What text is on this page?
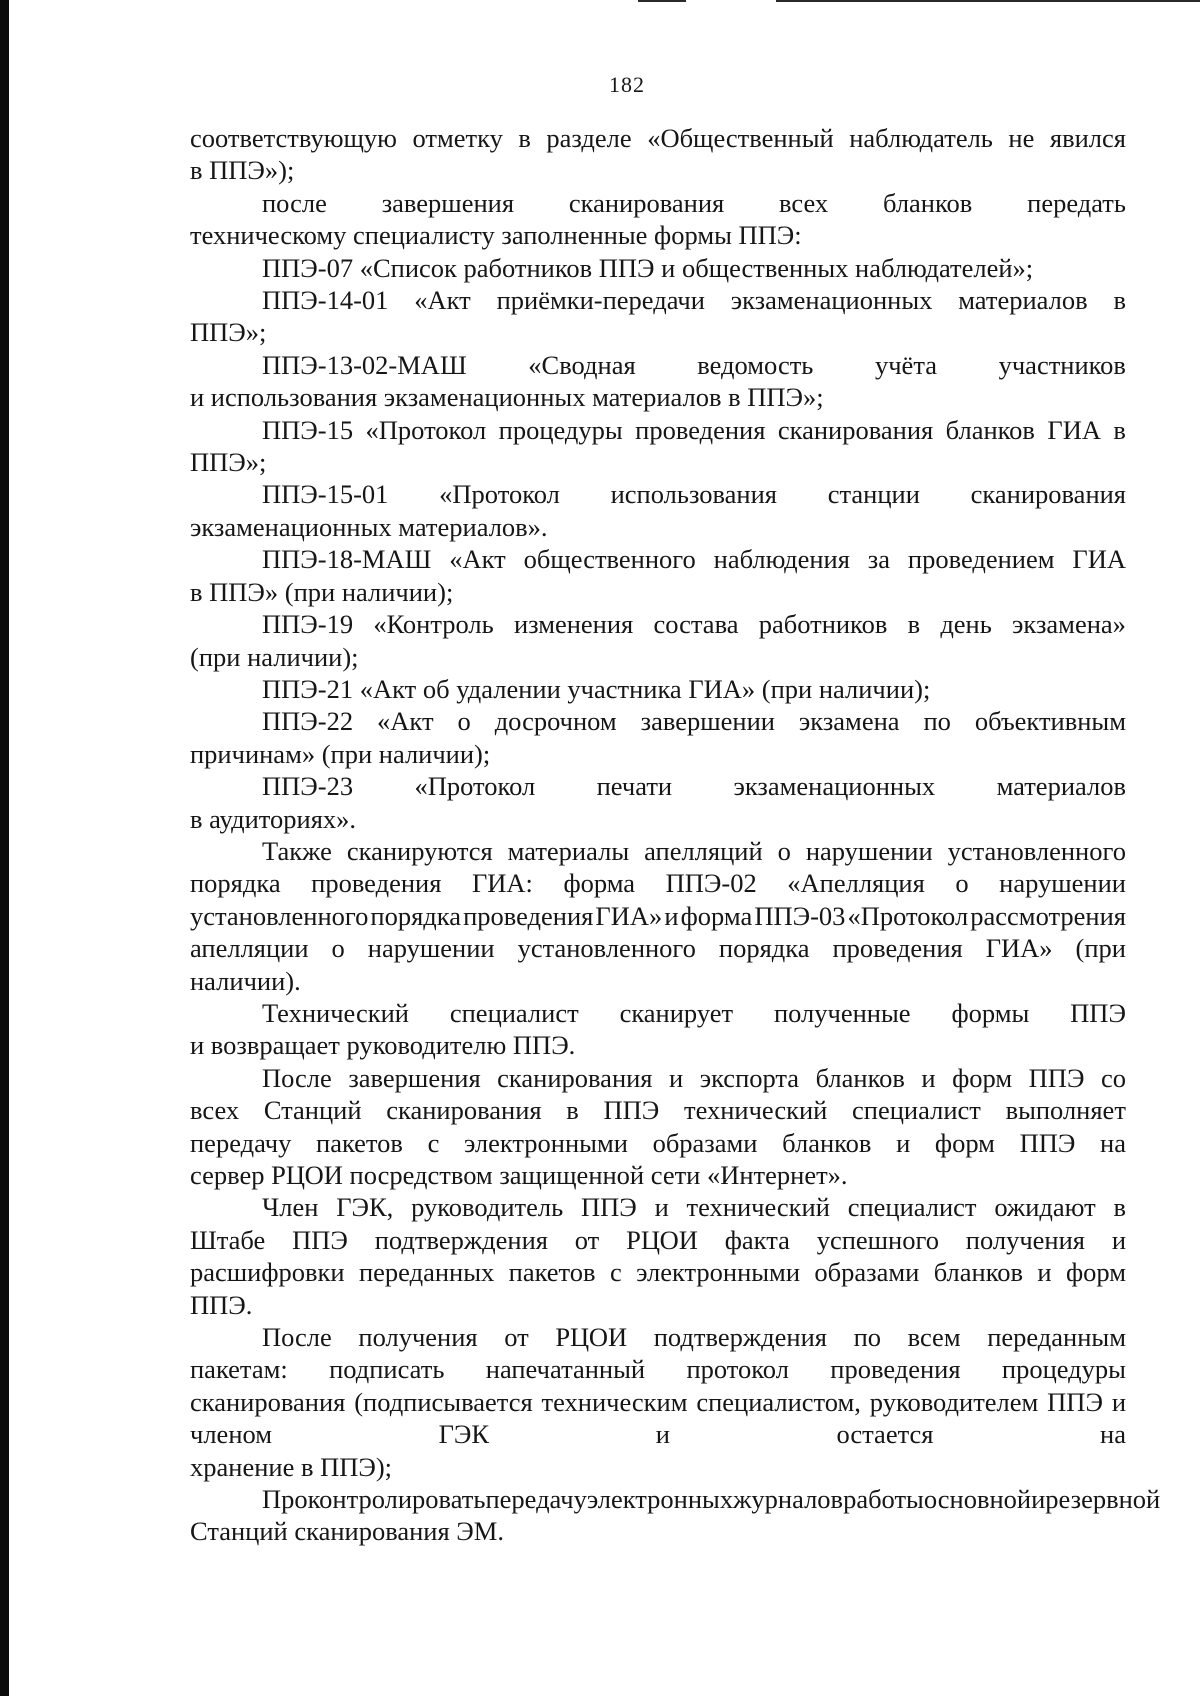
182

соответствующую отметку в разделе «Общественный наблюдатель не явился
в ППЭ»);

после завершения сканирования всех бланков передать
техническому специалисту заполненные формы ППЭ:

ППЭ-07 «Список работников ППЭ и общественных наблюдателей»;

ППЭ-14-01 «Акт приёмки-передачи экзаменационных материалов в
ППЭ»;

ППЭ-13-02-МАШ «Сводная ведомость учёта участников
и использования экзаменационных материалов в ППЭ»;

ППЭ-15 «Протокол процедуры проведения сканирования бланков ГИА в
ППЭ»;

ППЭ-15-01 «Протокол использования станции сканирования
экзаменационных материалов».

ППЭ-18-МАШ «Акт общественного наблюдения за проведением ГИА
в ППЭ» (при наличии);

ППЭ-19 «Контроль изменения состава работников в день экзамена»
(при наличии);

ППЭ-21 «Акт об удалении участника ГИА» (при наличии);

ППЭ-22 «Акт о досрочном завершении экзамена по объективным
причинам» (при наличии);

ППЭ-23 «Протокол печати экзаменационных материалов
в аудиториях».

Также сканируются материалы апелляций о нарушении установленного
порядка проведения ГИА: форма ППЭ-02 «Апелляция о нарушении
установленного порядка проведения ГИА» и форма ППЭ-03 «Протокол рассмотрения
апелляции о нарушении установленного порядка проведения ГИА» (при
наличии).

Технический специалист сканирует полученные формы ППЭ
и возвращает руководителю ППЭ.

После завершения сканирования и экспорта бланков и форм ППЭ со
всех Станций сканирования в ППЭ технический специалист выполняет
передачу пакетов с электронными образами бланков и форм ППЭ на
сервер РЦОИ посредством защищенной сети «Интернет».

Член ГЭК, руководитель ППЭ и технический специалист ожидают в
Штабе ППЭ подтверждения от РЦОИ факта успешного получения и
расшифровки переданных пакетов с электронными образами бланков и форм
ППЭ.

После получения от РЦОИ подтверждения по всем переданным
пакетам: подписать напечатанный протокол проведения процедуры
сканирования (подписывается техническим специалистом, руководителем ППЭ и
членом	ГЭК	и	остается	на
хранение в ППЭ);

Проконтролировать передачу электронных журналов работы основной и резервной
Станций сканирования ЭМ.
